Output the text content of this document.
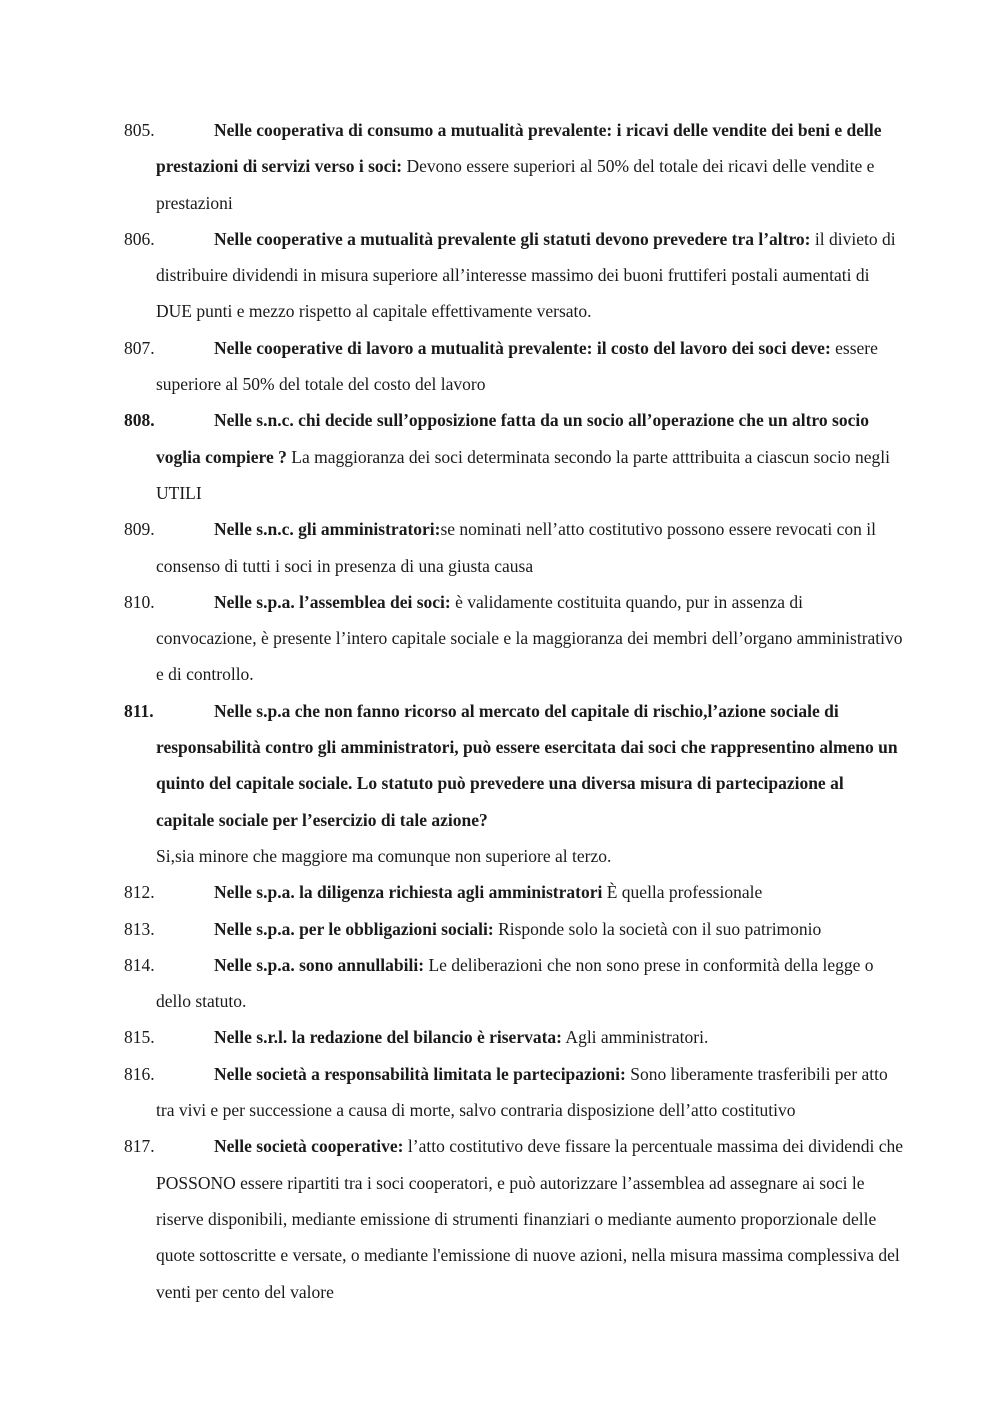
805.	Nelle cooperativa di consumo a mutualità prevalente: i ricavi delle vendite dei beni e delle prestazioni di servizi verso i soci: Devono essere superiori al 50% del totale dei ricavi delle vendite e prestazioni
806.	Nelle cooperative a mutualità prevalente gli statuti devono prevedere tra l’altro: il divieto di distribuire dividendi in misura superiore all’interesse massimo dei buoni fruttiferi postali aumentati di DUE punti e mezzo rispetto al capitale effettivamente versato.
807.	Nelle cooperative di lavoro a mutualità prevalente: il costo del lavoro dei soci deve: essere superiore al 50% del totale del costo del lavoro
808.	Nelle s.n.c. chi decide sull’opposizione fatta da un socio all’operazione che un altro socio voglia compiere ? La maggioranza dei soci determinata secondo la parte atttribuita a ciascun socio negli UTILI
809.	Nelle s.n.c. gli amministratori:se nominati nell’atto costitutivo possono essere revocati con il consenso di tutti i soci in presenza di una giusta causa
810.	Nelle s.p.a. l’assemblea dei soci: è validamente costituita quando, pur in assenza di convocazione, è presente l’intero capitale sociale e la maggioranza dei membri dell’organo amministrativo e di controllo.
811.	Nelle s.p.a che non fanno ricorso al mercato del capitale di rischio,l’azione sociale di responsabilità contro gli amministratori, può essere esercitata dai soci che rappresentino almeno un quinto del capitale sociale. Lo statuto può prevedere una diversa misura di partecipazione al capitale sociale per l’esercizio di tale azione?
Si,sia minore che maggiore ma comunque non superiore al terzo.
812.	Nelle s.p.a. la diligenza richiesta agli amministratori È quella professionale
813.	Nelle s.p.a. per le obbligazioni sociali: Risponde solo la società con il suo patrimonio
814.	Nelle s.p.a. sono annullabili: Le deliberazioni che non sono prese in conformità della legge o dello statuto.
815.	Nelle s.r.l. la redazione del bilancio è riservata: Agli amministratori.
816.	Nelle società a responsabilità limitata le partecipazioni: Sono liberamente trasferibili per atto tra vivi e per successione a causa di morte, salvo contraria disposizione dell’atto costitutivo
817.	Nelle società cooperative: l’atto costitutivo deve fissare la percentuale massima dei dividendi che POSSONO essere ripartiti tra i soci cooperatori, e può autorizzare l’assemblea ad assegnare ai soci le riserve disponibili, mediante emissione di strumenti finanziari o mediante aumento proporzionale delle quote sottoscritte e versate, o mediante l'emissione di nuove azioni, nella misura massima complessiva del venti per cento del valore
